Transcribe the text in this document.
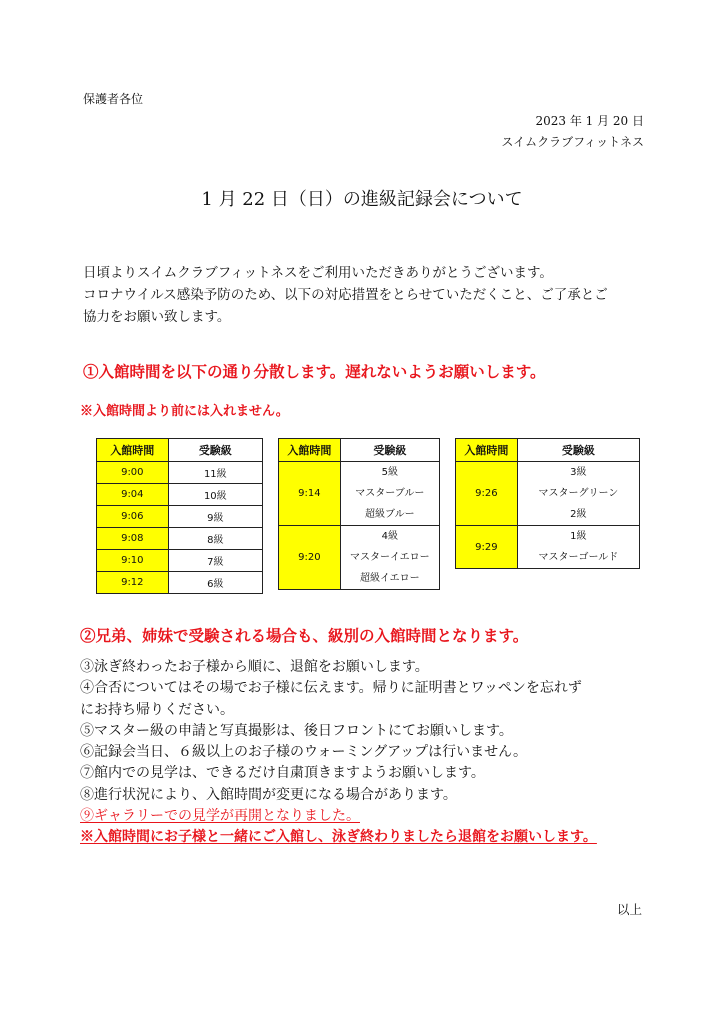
保護者各位
2023 年 1 月 20 日
スイムクラブフィットネス
1 月 22 日（日）の進級記録会について

日頃よりスイムクラブフィットネスをご利用いただきありがとうございます。

コロナウイルス感染予防のため、以下の対応措置をとらせていただくこと、ご了承とご

協力をお願い致します。

①入館時間を以下の通り分散します。遅れないようお願いします。
※入館時間より前には入れません。
入館時間	受験級
9:00	11級
9:04	10級
9:06	9級
9:08	8級
9:10	7級
9:12	6級
入館時間	受験級
9:14	5級
マスターブルー
超級ブルー

9:20	4級
マスターイエロー
超級イエロー
入館時間	受験級
9:26	3級
マスターグリーン
2級

9:29	1級
マスターゴールド
②兄弟、姉妹で受験される場合も、級別の入館時間となります。

③泳ぎ終わったお子様から順に、退館をお願いします。

④合否についてはその場でお子様に伝えます。帰りに証明書とワッペンを忘れず

にお持ち帰りください。

⑤マスター級の申請と写真撮影は、後日フロントにてお願いします。

⑥記録会当日、６級以上のお子様のウォーミングアップは行いません。

⑦館内での見学は、できるだけ自粛頂きますようお願いします。

⑧進行状況により、入館時間が変更になる場合があります。

⑨ギャラリーでの見学が再開となりました。

※入館時間にお子様と一緒にご入館し、泳ぎ終わりましたら退館をお願いします。

以上
